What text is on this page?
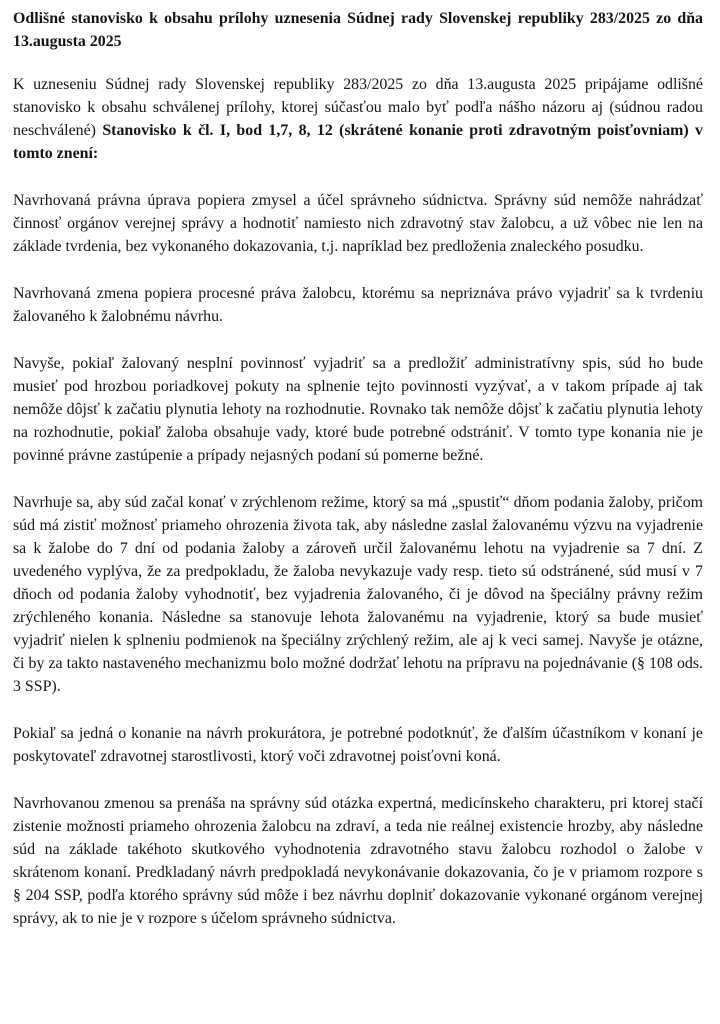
Odlišné stanovisko k obsahu prílohy uznesenia Súdnej rady Slovenskej republiky 283/2025 zo dňa 13.augusta 2025

K uzneseniu Súdnej rady Slovenskej republiky 283/2025 zo dňa 13.augusta 2025 pripájame odlišné stanovisko k obsahu schválenej prílohy, ktorej súčasťou malo byť podľa nášho názoru aj (súdnou radou neschválené) Stanovisko k čl. I, bod 1,7, 8, 12 (skrátené konanie proti zdravotným poisťovniam) v tomto znení:

Navrhovaná právna úprava popiera zmysel a účel správneho súdnictva. Správny súd nemôže nahrádzať činnosť orgánov verejnej správy a hodnotiť namiesto nich zdravotný stav žalobcu, a už vôbec nie len na základe tvrdenia, bez vykonaného dokazovania, t.j. napríklad bez predloženia znaleckého posudku.

Navrhovaná zmena popiera procesné práva žalobcu, ktorému sa nepriznáva právo vyjadriť sa k tvrdeniu žalovaného k žalobnému návrhu.

Navyše, pokiaľ žalovaný nesplní povinnosť vyjadriť sa a predložiť administratívny spis, súd ho bude musieť pod hrozbou poriadkovej pokuty na splnenie tejto povinnosti vyzývať, a v takom prípade aj tak nemôže dôjsť k začatiu plynutia lehoty na rozhodnutie. Rovnako tak nemôže dôjsť k začatiu plynutia lehoty na rozhodnutie, pokiaľ žaloba obsahuje vady, ktoré bude potrebné odstrániť. V tomto type konania nie je povinné právne zastúpenie a prípady nejasných podaní sú pomerne bežné.

Navrhuje sa, aby súd začal konať v zrýchlenom režime, ktorý sa má „spustiť“ dňom podania žaloby, pričom súd má zistiť možnosť priameho ohrozenia života tak, aby následne zaslal žalovanému výzvu na vyjadrenie sa k žalobe do 7 dní od podania žaloby a zároveň určil žalovanému lehotu na vyjadrenie sa 7 dní. Z uvedeného vyplýva, že za predpokladu, že žaloba nevykazuje vady resp. tieto sú odstránené, súd musí v 7 dňoch od podania žaloby vyhodnotiť, bez vyjadrenia žalovaného, či je dôvod na špeciálny právny režim zrýchleného konania. Následne sa stanovuje lehota žalovanému na vyjadrenie, ktorý sa bude musieť vyjadriť nielen k splneniu podmienok na špeciálny zrýchlený režim, ale aj k veci samej. Navyše je otázne, či by za takto nastaveného mechanizmu bolo možné dodržať lehotu na prípravu na pojednávanie (§ 108 ods. 3 SSP).

Pokiaľ sa jedná o konanie na návrh prokurátora, je potrebné podotknúť, že ďalším účastníkom v konaní je poskytovateľ zdravotnej starostlivosti, ktorý voči zdravotnej poisťovni koná.

Navrhovanou zmenou sa prenáša na správny súd otázka expertná, medicínskeho charakteru, pri ktorej stačí zistenie možnosti priameho ohrozenia žalobcu na zdraví, a teda nie reálnej existencie hrozby, aby následne súd na základe takéhoto skutkového vyhodnotenia zdravotného stavu žalobcu rozhodol o žalobe v skrátenom konaní. Predkladaný návrh predpokladá nevykonávanie dokazovania, čo je v priamom rozpore s § 204 SSP, podľa ktorého správny súd môže i bez návrhu doplniť dokazovanie vykonané orgánom verejnej správy, ak to nie je v rozpore s účelom správneho súdnictva.
